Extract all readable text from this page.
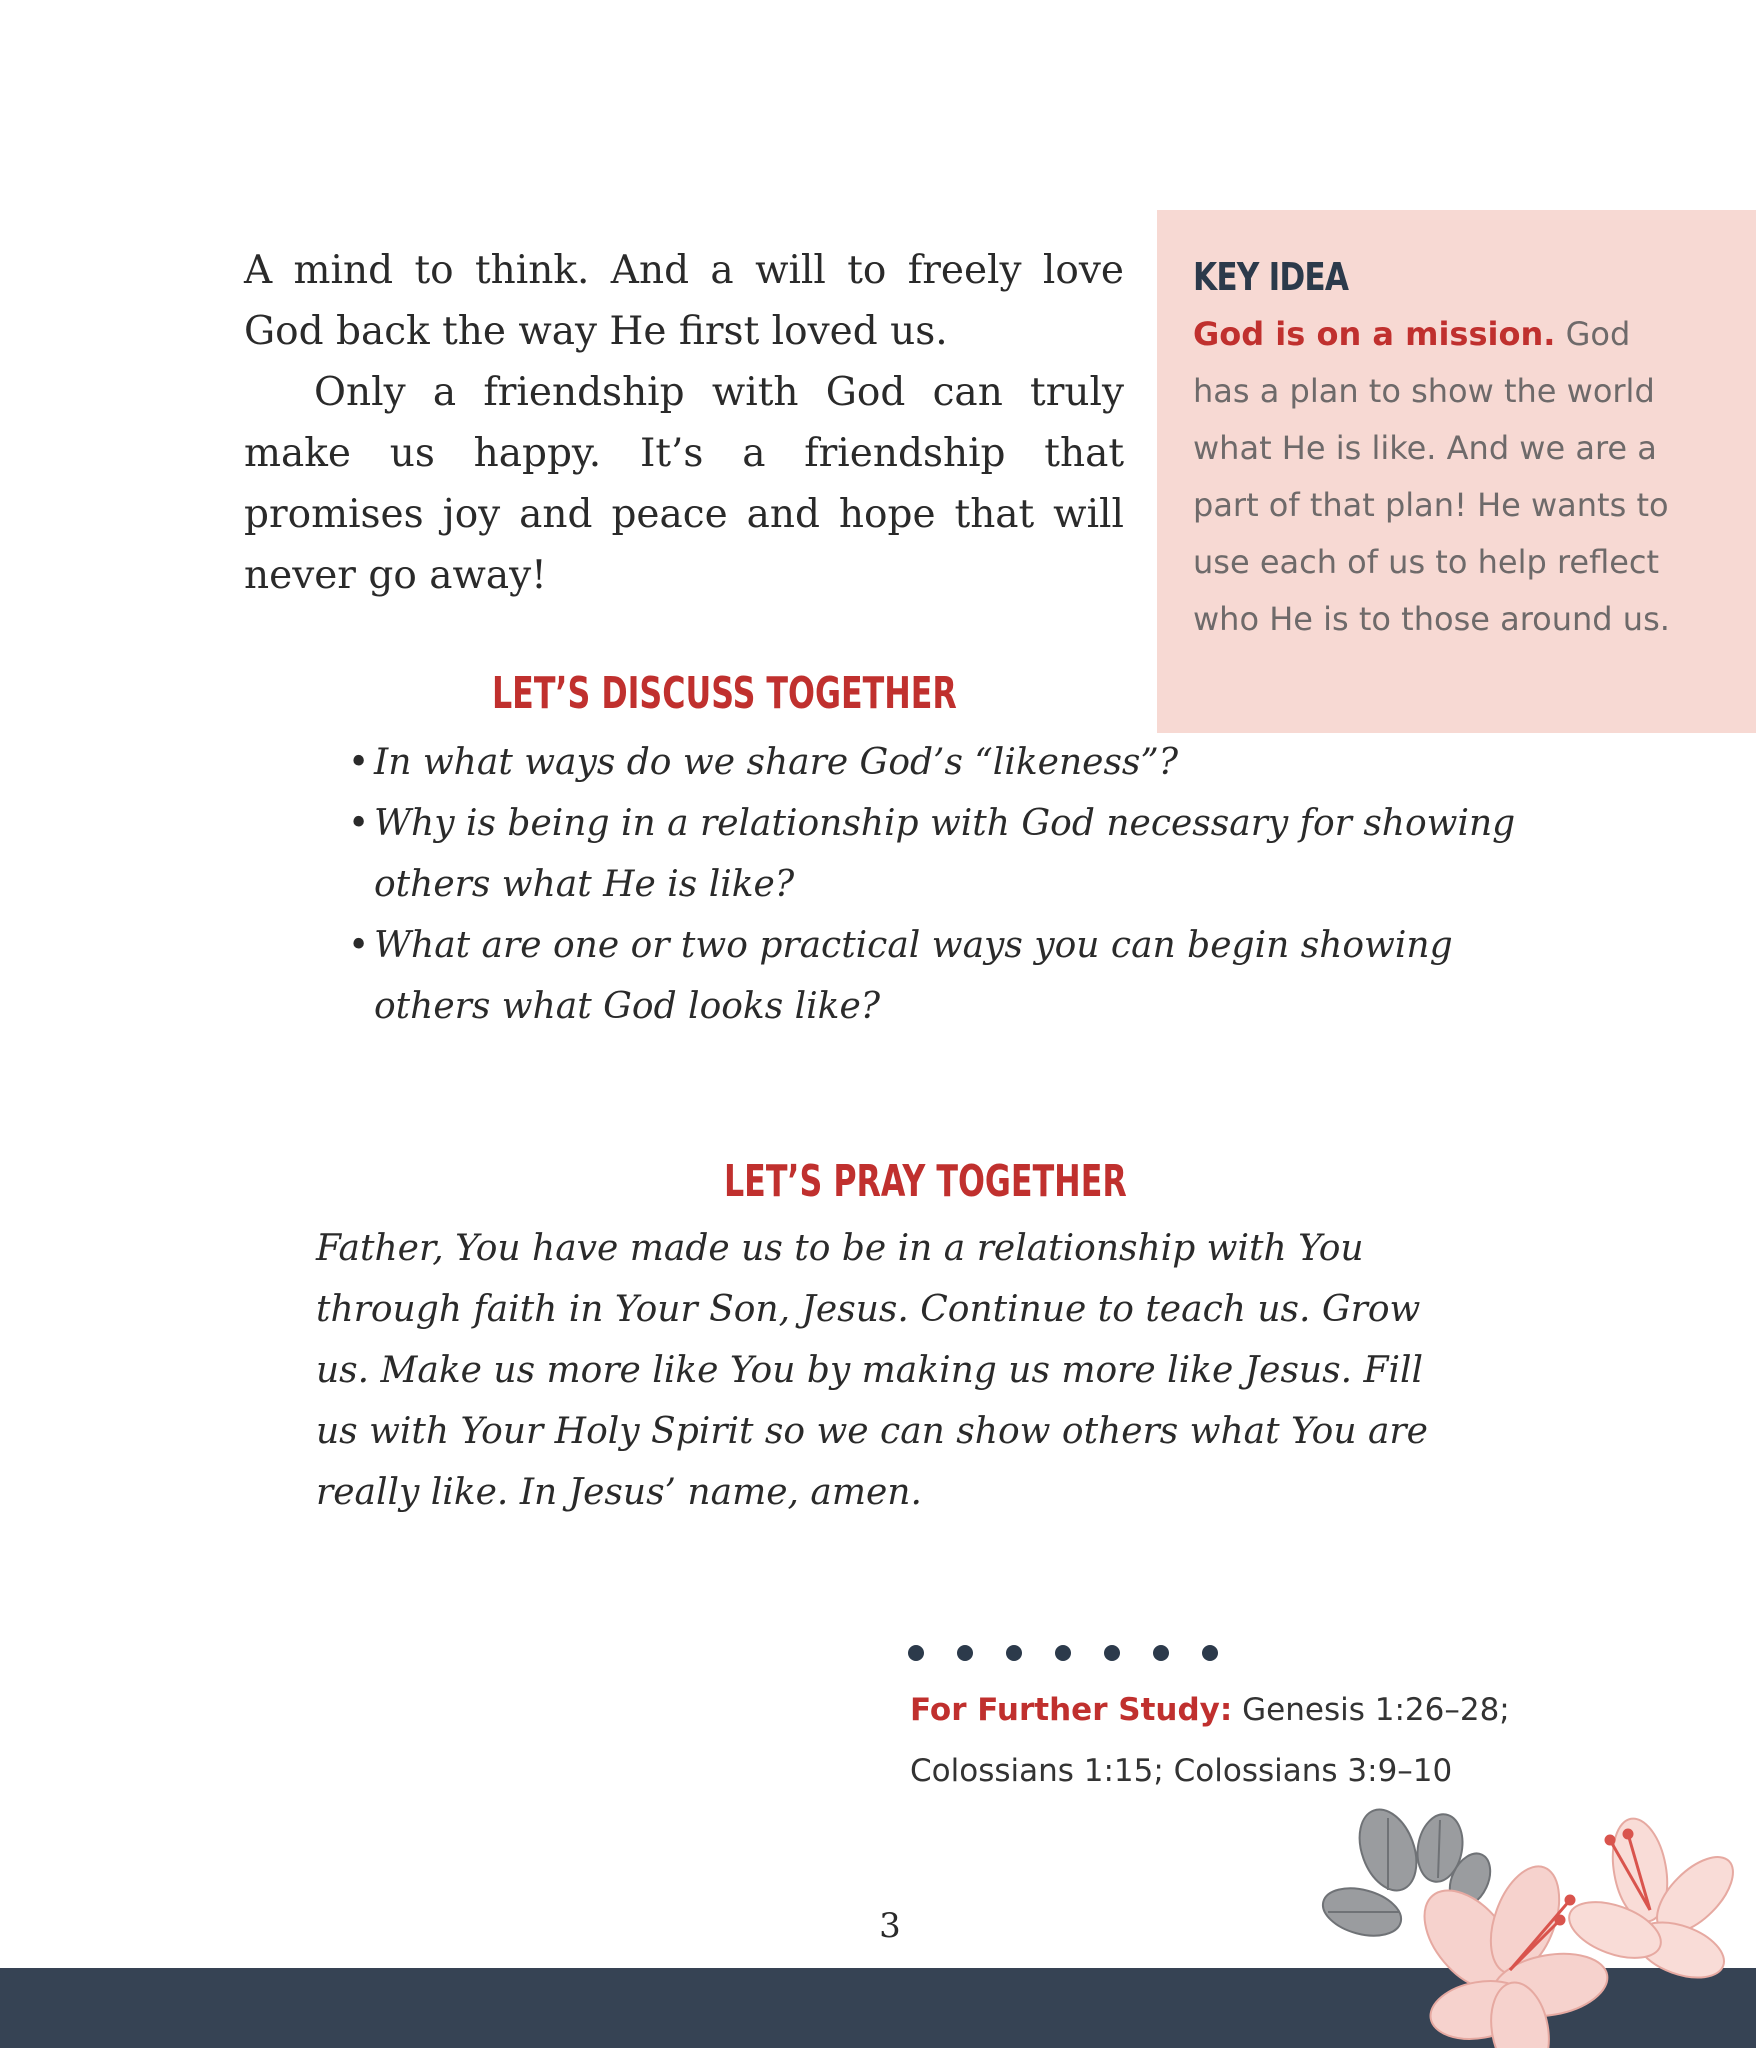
A mind to think. And a will to freely love God back the way He first loved us.

Only a friendship with God can truly make us happy. It’s a friendship that promises joy and peace and hope that will never go away!

KEY IDEA

God is on a mission. God has a plan to show the world what He is like. And we are a part of that plan! He wants to use each of us to help reflect who He is to those around us.

LET’S DISCUSS TOGETHER
• In what ways do we share God’s “likeness”?
• Why is being in a relationship with God necessary for showing others what He is like?
• What are one or two practical ways you can begin showing others what God looks like?
LET’S PRAY TOGETHER

Father, You have made us to be in a relationship with You through faith in Your Son, Jesus. Continue to teach us. Grow us. Make us more like You by making us more like Jesus. Fill us with Your Holy Spirit so we can show others what You are really like. In Jesus’ name, amen.

For Further Study: Genesis 1:26–28; Colossians 1:15; Colossians 3:9–10

3
